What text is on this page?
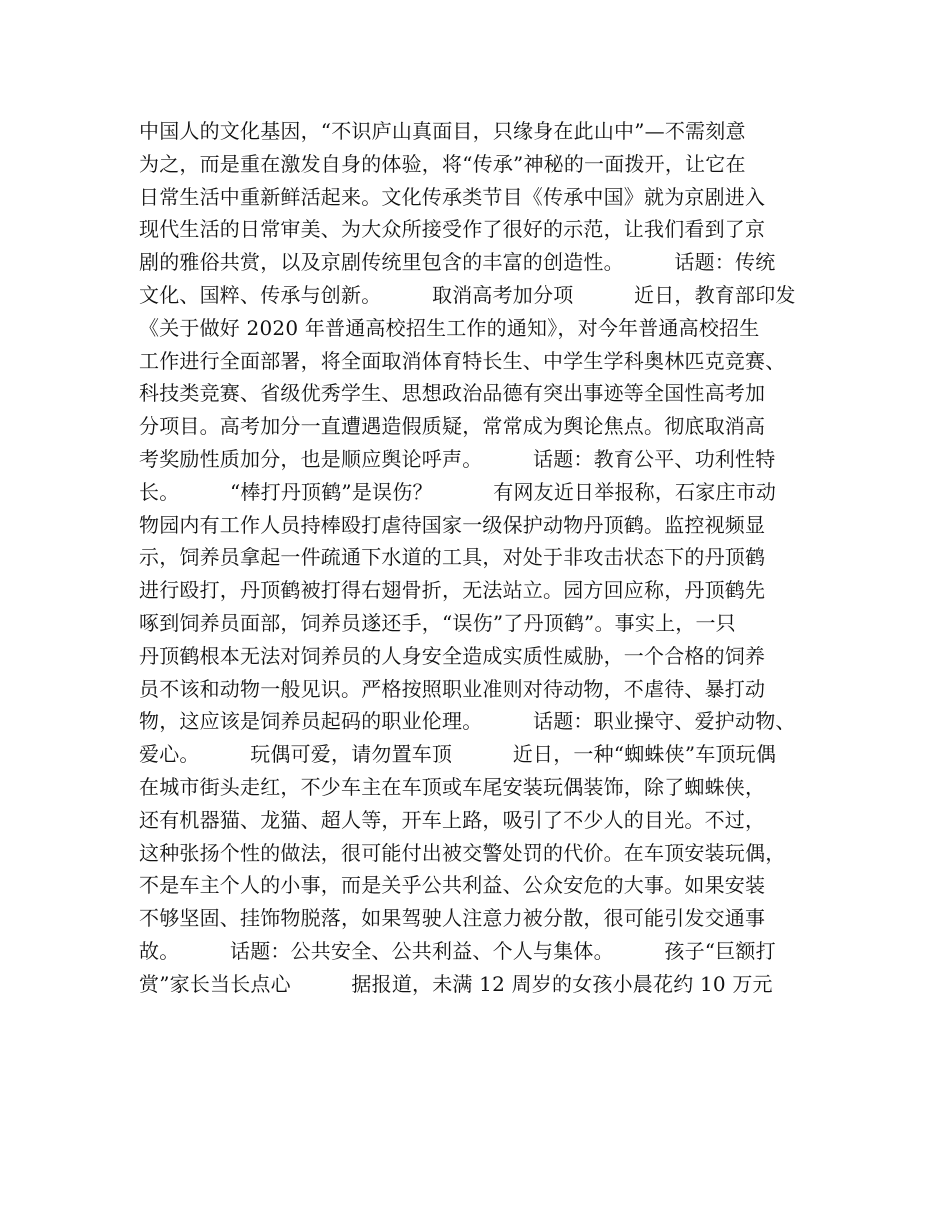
中国人的文化基因，“不识庐山真面目，只缘身在此山中”—不需刻意
为之，而是重在激发自身的体验，将“传承”神秘的一面拨开，让它在
日常生活中重新鲜活起来。文化传承类节目《传承中国》就为京剧进入
现代生活的日常审美、为大众所接受作了很好的示范，让我们看到了京
剧的雅俗共赏，以及京剧传统里包含的丰富的创造性。　　　话题：传统
文化、国粹、传承与创新。　　　取消高考加分项　　　近日，教育部印发
《关于做好 2020 年普通高校招生工作的通知》，对今年普通高校招生
工作进行全面部署，将全面取消体育特长生、中学生学科奥林匹克竞赛、
科技类竞赛、省级优秀学生、思想政治品德有突出事迹等全国性高考加
分项目。高考加分一直遭遇造假质疑，常常成为舆论焦点。彻底取消高
考奖励性质加分，也是顺应舆论呼声。　　　话题：教育公平、功利性特
长。　　　“棒打丹顶鹤”是误伤？　　　有网友近日举报称，石家庄市动
物园内有工作人员持棒殴打虐待国家一级保护动物丹顶鹤。监控视频显
示，饲养员拿起一件疏通下水道的工具，对处于非攻击状态下的丹顶鹤
进行殴打，丹顶鹤被打得右翅骨折，无法站立。园方回应称，丹顶鹤先
啄到饲养员面部，饲养员遂还手，“误伤”了丹顶鹤”。事实上，一只
丹顶鹤根本无法对饲养员的人身安全造成实质性威胁，一个合格的饲养
员不该和动物一般见识。严格按照职业准则对待动物，不虐待、暴打动
物，这应该是饲养员起码的职业伦理。　　　话题：职业操守、爱护动物、
爱心。　　　玩偶可爱，请勿置车顶　　　近日，一种“蜘蛛侠”车顶玩偶
在城市街头走红，不少车主在车顶或车尾安装玩偶装饰，除了蜘蛛侠，
还有机器猫、龙猫、超人等，开车上路，吸引了不少人的目光。不过，
这种张扬个性的做法，很可能付出被交警处罚的代价。在车顶安装玩偶，
不是车主个人的小事，而是关乎公共利益、公众安危的大事。如果安装
不够坚固、挂饰物脱落，如果驾驶人注意力被分散，很可能引发交通事
故。　　　话题：公共安全、公共利益、个人与集体。　　　孩子“巨额打
赏”家长当长点心　　　据报道，未满 12 周岁的女孩小晨花约 10 万元
